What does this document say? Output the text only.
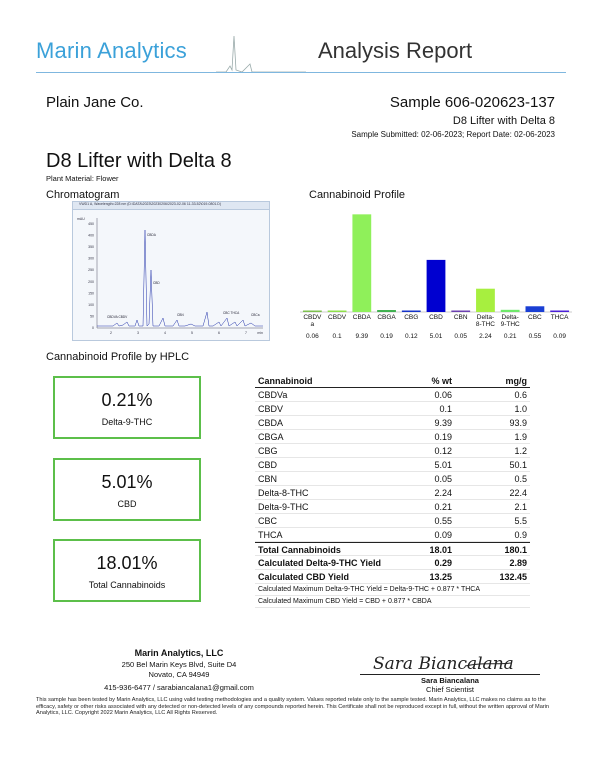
Marin Analytics	Analysis Report
Plain Jane Co.	Sample 606-020623-137
D8 Lifter with Delta 8
Sample Submitted: 02-06-2023; Report Date: 02-06-2023
D8 Lifter with Delta 8
Plant Material: Flower
Chromatogram
VWD1 A, Wavelength=228 nm (D:\DATA\2023\20230206\2023-02-06 11-33-52\019-0801.D)
mAU
450
400
350
300
250
200
150
100
50
0
2	3	4	5	6	7	min
CBDVA CBDV
CBDA
CBD
CBN	CBC THCA	CBCa
Cannabinoid Profile
CBDV
a
0.06
CBDV
0.1
CBDA
9.39
CBGA
0.19
CBG
0.12
CBD
5.01
CBN
0.05
Delta-
8-THC
2.24
Delta-
9-THC
0.21
CBC
0.55
THCA
0.09
Cannabinoid Profile by HPLC
0.21%
Delta-9-THC
5.01%
CBD
18.01%
Total Cannabinoids
Cannabinoid	% wt	mg/g
CBDVa	0.06	0.6
CBDV	0.1	1.0
CBDA	9.39	93.9
CBGA	0.19	1.9
CBG	0.12	1.2
CBD	5.01	50.1
CBN	0.05	0.5
Delta-8-THC	2.24	22.4
Delta-9-THC	0.21	2.1
CBC	0.55	5.5
THCA	0.09	0.9
Total Cannabinoids	18.01	180.1
Calculated Delta-9-THC Yield	0.29	2.89
Calculated CBD Yield	13.25	132.45
Calculated Maximum Delta-9-THC Yield = Delta-9-THC + 0.877 * THCA
Calculated Maximum CBD Yield = CBD + 0.877 * CBDA
Marin Analytics, LLC
250 Bel Marin Keys Blvd, Suite D4
Novato, CA 94949
415-936-6477 / sarabiancalana1@gmail.com
Sara Biancalana
Sara Biancalana
Chief Scientist
This sample has been tested by Marin Analytics, LLC using valid testing methodologies and a quality system. Values reported relate only to the sample tested. Marin Analytics, LLC makes no claims as to the efficacy, safety or other risks associated with any detected or non-detected levels of any compounds reported herein. This Certificate shall not be reproduced except in full, without the written approval of Marin Analytics, LLC. Copyright 2022 Marin Analytics, LLC All Rights Reserved.
